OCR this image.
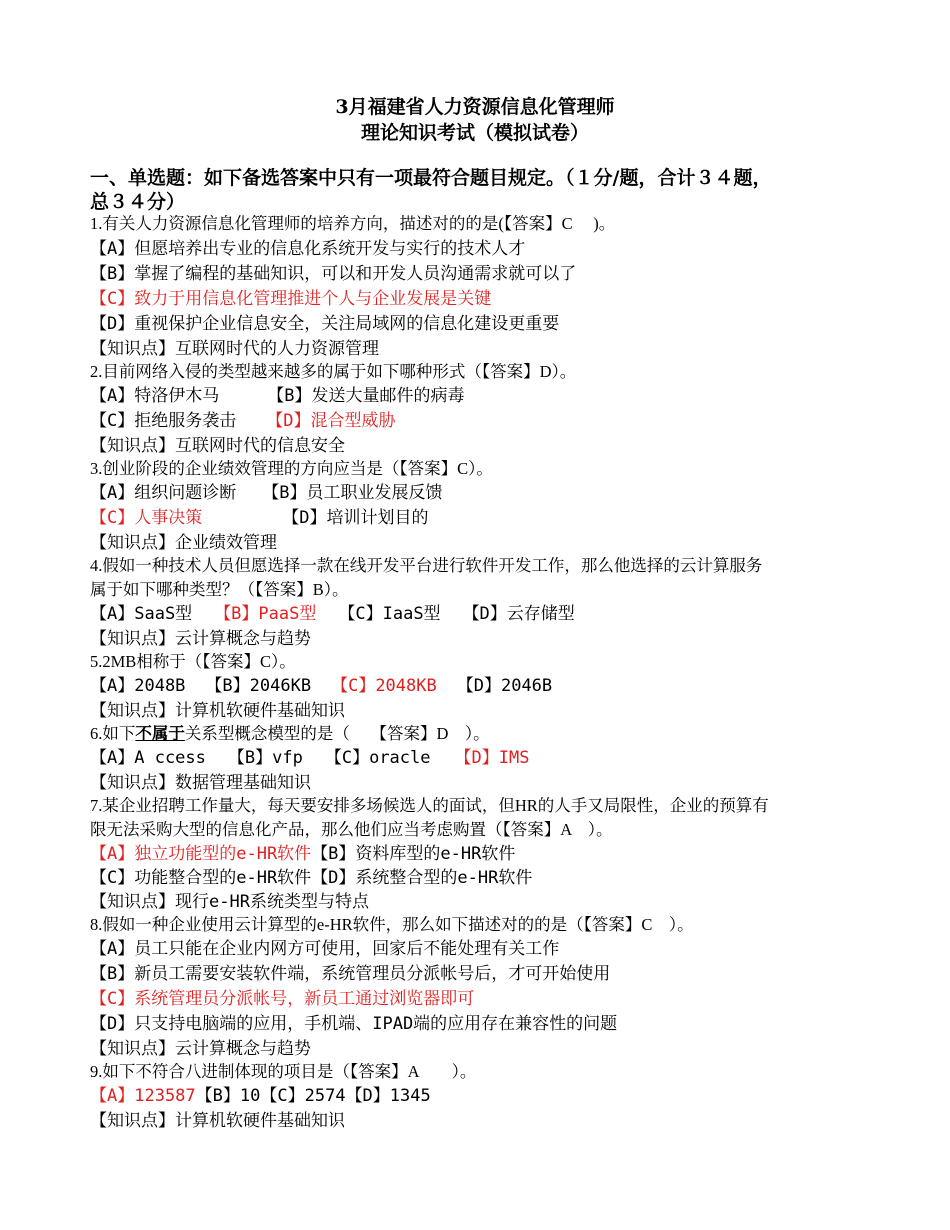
3月福建省人力资源信息化管理师
理论知识考试（模拟试卷）
一、单选题：如下备选答案中只有一项最符合题目规定。（１分/题，合计３４题，
总３４分）
1.有关人力资源信息化管理师的培养方向，描述对的的是(【答案】C　 )。
【A】但愿培养出专业的信息化系统开发与实行的技术人才
【B】掌握了编程的基础知识，可以和开发人员沟通需求就可以了
【C】致力于用信息化管理推进个人与企业发展是关键
【D】重视保护企业信息安全，关注局域网的信息化建设更重要
【知识点】互联网时代的人力资源管理
2.目前网络入侵的类型越来越多的属于如下哪种形式（【答案】D）。
【A】特洛伊木马	【B】发送大量邮件的病毒
【C】拒绝服务袭击 【D】混合型威胁
【知识点】互联网时代的信息安全
3.创业阶段的企业绩效管理的方向应当是（【答案】C）。
【A】组织问题诊断 【B】员工职业发展反馈
【C】人事决策	【D】培训计划目的
【知识点】企业绩效管理
4.假如一种技术人员但愿选择一款在线开发平台进行软件开发工作，那么他选择的云计算服务
属于如下哪种类型？（【答案】B）。
【A】SaaS型 【B】PaaS型 【C】IaaS型 【D】云存储型
【知识点】云计算概念与趋势
5.2MB相称于（【答案】C）。
【A】2048B 【B】2046KB 【C】2048KB 【D】2046B
【知识点】计算机软硬件基础知识
6.如下不属于关系型概念模型的是（　 【答案】D　）。
【A】A ccess 【B】vfp 【C】oracle 【D】IMS
【知识点】数据管理基础知识
7.某企业招聘工作量大，每天要安排多场候选人的面试，但HR的人手又局限性，企业的预算有
限无法采购大型的信息化产品，那么他们应当考虑购置（【答案】A　）。
【A】独立功能型的e-HR软件【B】资料库型的e-HR软件
【C】功能整合型的e-HR软件【D】系统整合型的e-HR软件
【知识点】现行e-HR系统类型与特点
8.假如一种企业使用云计算型的e-HR软件，那么如下描述对的的是（【答案】C　）。
【A】员工只能在企业内网方可使用，回家后不能处理有关工作
【B】新员工需要安装软件端，系统管理员分派帐号后，才可开始使用
【C】系统管理员分派帐号，新员工通过浏览器即可
【D】只支持电脑端的应用，手机端、IPAD端的应用存在兼容性的问题
【知识点】云计算概念与趋势
9.如下不符合八进制体现的项目是（【答案】A　　）。
【A】123587【B】10【C】2574【D】1345
【知识点】计算机软硬件基础知识
